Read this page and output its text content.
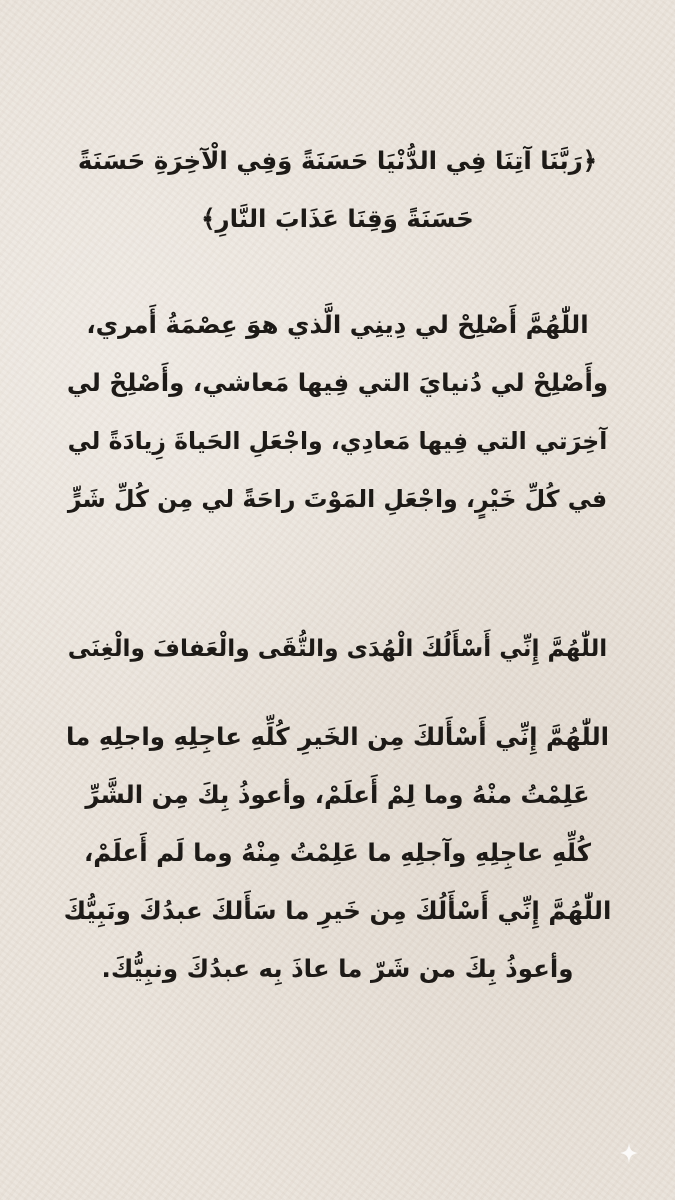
﴿رَبَّنَا آتِنَا فِي الدُّنْيَا حَسَنَةً وَفِي الْآخِرَةِ حَسَنَةً
حَسَنَةً وَقِنَا عَذَابَ النَّارِ﴾
اللّٰهُمَّ أَصْلِحْ لي دِينِي الَّذي هوَ عِصْمَةُ أَمري،
وأَصْلِحْ لي دُنيايَ التي فِيها مَعاشي، وأَصْلِحْ لي
آخِرَتي التي فِيها مَعادِي، واجْعَلِ الحَياةَ زِيادَةً لي
في كُلِّ خَيْرٍ، واجْعَلِ المَوْتَ راحَةً لي مِن كُلِّ شَرٍّ
اللّٰهُمَّ إِنِّي أَسْأَلُكَ الْهُدَى والتُّقَى والْعَفافَ والْغِنَى
اللّٰهُمَّ إِنِّي أَسْأَلكَ مِن الخَيرِ كُلِّهِ عاجِلِهِ واجلِهِ ما
عَلِمْتُ منْهُ وما لِمْ أَعلَمْ، وأعوذُ بِكَ مِن الشَّرِّ
كُلِّهِ عاجِلِهِ وآجلِهِ ما عَلِمْتُ مِنْهُ وما لَم أَعلَمْ،
اللّٰهُمَّ إِنِّي أَسْأَلُكَ مِن خَيرِ ما سَأَلكَ عبدُكَ ونَبِيُّكَ
وأعوذُ بِكَ من شَرّ ما عاذَ بِه عبدُكَ ونبِيُّكَ.
